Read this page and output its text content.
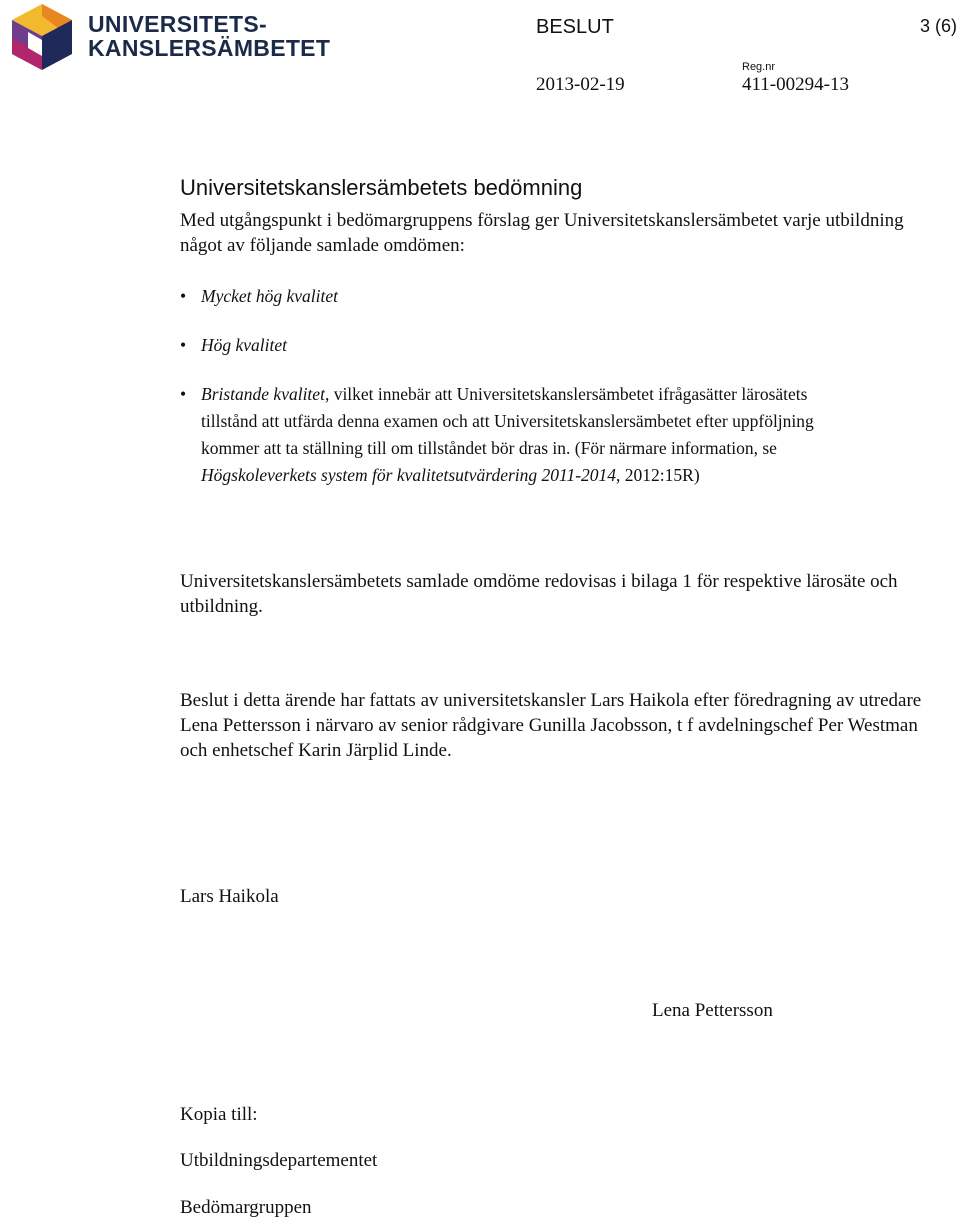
UNIVERSITETS-
KANSLERSÄMBETET
BESLUT	3 (6)
2013-02-19
Reg.nr
411-00294-13
Universitetskanslersämbetets bedömning
Med utgångspunkt i bedömargruppens förslag ger Universitetskanslersämbetet varje utbildning något av följande samlade omdömen:
• Mycket hög kvalitet
• Hög kvalitet
• Bristande kvalitet, vilket innebär att Universitetskanslersämbetet ifrågasätter lärosätets tillstånd att utfärda denna examen och att Universitetskanslersämbetet efter uppföljning kommer att ta ställning till om tillståndet bör dras in. (För närmare information, se Högskoleverkets system för kvalitetsutvärdering 2011-2014, 2012:15R)
Universitetskanslersämbetets samlade omdöme redovisas i bilaga 1 för respektive lärosäte och utbildning.
Beslut i detta ärende har fattats av universitetskansler Lars Haikola efter föredragning av utredare Lena Pettersson i närvaro av senior rådgivare Gunilla Jacobsson, t f avdelningschef Per Westman och enhetschef Karin Järplid Linde.
Lars Haikola
Lena Pettersson
Kopia till:
Utbildningsdepartementet
Bedömargruppen
